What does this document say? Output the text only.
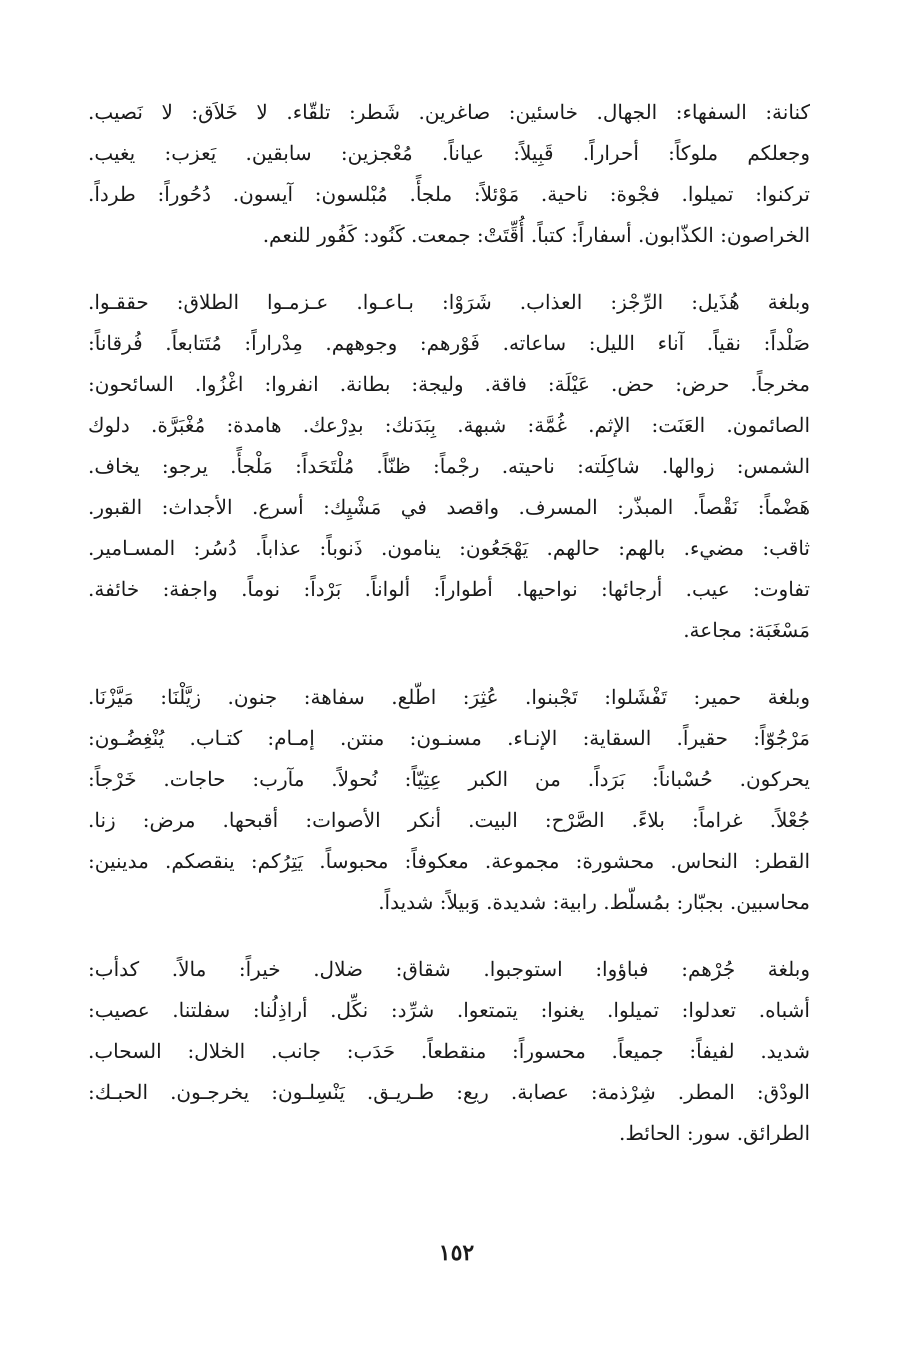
كنانة: السفهاء: الجهال. خاسئين: صاغرين. شَطر: تلقّاء. لا خَلاَق: لا نَصيب.
وجعلكم ملوكاً: أحراراً. قَبِيلاً: عياناً. مُعْجزين: سابقين. يَعزب: يغيب.
تركنوا: تميلوا. فجْوة: ناحية. مَوْئلاً: ملجأً. مُبْلسون: آيسون. دُحُوراً: طرداً.
الخراصون: الكذّابون. أسفاراً: كتباً. أُقِّتَتْ: جمعت. كَنُود: كَفُور للنعم.
وبلغة هُذَيل: الرِّجْز: العذاب. شَرَوْا: بـاعـوا. عـزمـوا الطلاق: حققـوا.
صَلْداً: نقياً. آناء الليل: ساعاته. فَوْرهم: وجوههم. مِدْراراً: مُتَتابعاً. فُرقاناً:
مخرجاً. حرض: حض. عَيْلَة: فاقة. وليجة: بطانة. انفروا: اغْزُوا. السائحون:
الصائمون. العَنَت: الإثم. غُمَّة: شبهة. بِبَدَنك: بدِرْعك. هامدة: مُغْبَرَّة. دلوك
الشمس: زوالها. شاكِلَته: ناحيته. رجْماً: ظنّاً. مُلْتَحَداً: مَلْجأً. يرجو: يخاف.
هَضْماً: نَقْصاً. المبذّر: المسرف. واقصد في مَشْيِك: أسرع. الأجداث: القبور.
ثاقب: مضيء. بالهم: حالهم. يَهْجَعُون: ينامون. ذَنوباً: عذاباً. دُسُر: المسـامير.
تفاوت: عيب. أرجائها: نواحيها. أطواراً: ألواناً. بَرْداً: نوماً. واجفة: خائفة.
مَسْغَبَة: مجاعة.
وبلغة حمير: تَفْشَلوا: تَجْبنوا. عُثِرَ: اطّلع. سفاهة: جنون. زيَّلْنَا: مَيَّزْنَا.
مَرْجُوّاً: حقيراً. السقاية: الإنـاء. مسنـون: منتن. إمـام: كتـاب. يُنْغِضُـون:
يحركون. حُسْباناً: بَرَداً. من الكبر عِتِيّاً: نُحولاً. مآرب: حاجات. خَرْجاً:
جُعْلاً. غراماً: بلاءً. الصَّرْح: البيت. أنكر الأصوات: أقبحها. مرض: زنا.
القطر: النحاس. محشورة: مجموعة. معكوفاً: محبوساً. يَتِرُكم: ينقصكم. مدينين:
محاسبين. بجبّار: بمُسلّط. رابية: شديدة. وَبيلاً: شديداً.
وبلغة جُرْهم: فباؤوا: استوجبوا. شقاق: ضلال. خيراً: مالاً. كدأب:
أشباه. تعدلوا: تميلوا. يغنوا: يتمتعوا. شرِّد: نكِّل. أراذِلُنا: سفلتنا. عصيب:
شديد. لفيفاً: جميعاً. محسوراً: منقطعاً. حَدَب: جانب. الخلال: السحاب.
الودْق: المطر. شِرْذمة: عصابة. ريع: طـريـق. يَنْسِلـون: يخرجـون. الحبـك:
الطرائق. سور: الحائط.
١٥٢
